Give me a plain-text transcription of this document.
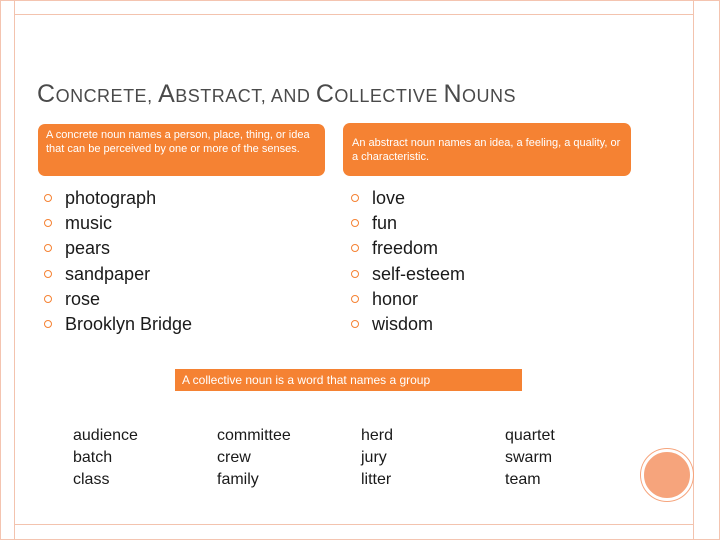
CONCRETE, ABSTRACT, AND COLLECTIVE NOUNS
A concrete noun names a person, place, thing, or idea that can be perceived by one or more of the senses.	An abstract noun names an idea, a feeling, a quality, or a characteristic.
photograph
music
pears
sandpaper
rose
Brooklyn Bridge
love
fun
freedom
self-esteem
honor
wisdom
A collective noun is a word that names a group
audience
batch
class
committee
crew
family
herd
jury
litter
quartet
swarm
team
